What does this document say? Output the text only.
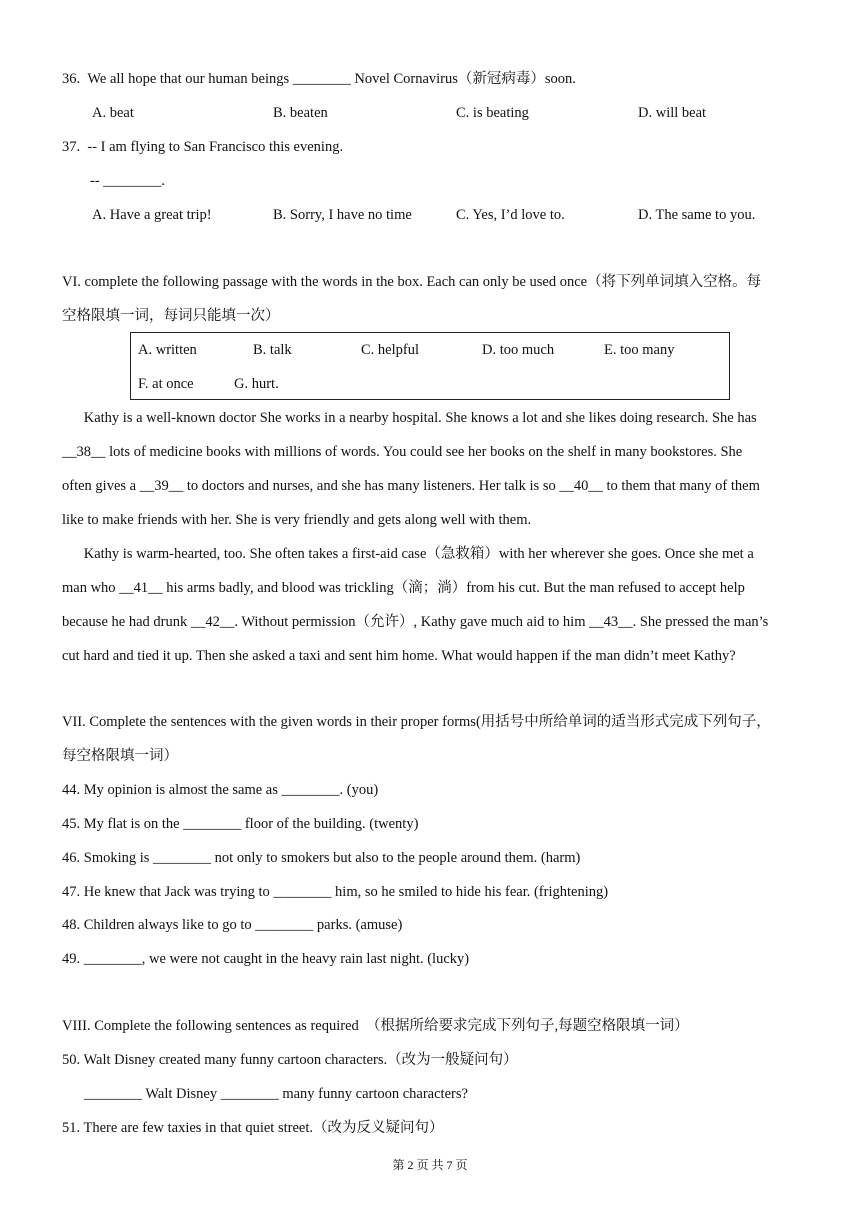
36.  We all hope that our human beings ________ Novel Cornavirus（新冠病毒）soon.
A. beat	B. beaten	C. is beating	D. will beat
37.  -- I am flying to San Francisco this evening.
-- ________.
A. Have a great trip!	B. Sorry, I have no time	C. Yes, I’d love to.	D. The same to you.
VI. complete the following passage with the words in the box. Each can only be used once（将下列单词填入空格。每
空格限填一词，每词只能填一次）
A. written	B. talk	C. helpful	D. too much	E. too many
F. at once	G. hurt.
Kathy is a well-known doctor She works in a nearby hospital. She knows a lot and she likes doing research. She has
__38__ lots of medicine books with millions of words. You could see her books on the shelf in many bookstores. She
often gives a __39__ to doctors and nurses, and she has many listeners. Her talk is so __40__ to them that many of them
like to make friends with her. She is very friendly and gets along well with them.
Kathy is warm-hearted, too. She often takes a first-aid case（急救箱）with her wherever she goes. Once she met a
man who __41__ his arms badly, and blood was trickling（滴；淌）from his cut. But the man refused to accept help
because he had drunk __42__. Without permission（允许）, Kathy gave much aid to him __43__. She pressed the man’s
cut hard and tied it up. Then she asked a taxi and sent him home. What would happen if the man didn’t meet Kathy?
VII. Complete the sentences with the given words in their proper forms(用括号中所给单词的适当形式完成下列句子，
每空格限填一词）
44. My opinion is almost the same as ________. (you)
45. My flat is on the ________ floor of the building. (twenty)
46. Smoking is ________ not only to smokers but also to the people around them. (harm)
47. He knew that Jack was trying to ________ him, so he smiled to hide his fear. (frightening)
48. Children always like to go to ________ parks. (amuse)
49. ________, we were not caught in the heavy rain last night. (lucky)
VIII. Complete the following sentences as required  （根据所给要求完成下列句子,每题空格限填一词）
50. Walt Disney created many funny cartoon characters.（改为一般疑问句）
________ Walt Disney ________ many funny cartoon characters?
51. There are few taxies in that quiet street.（改为反义疑问句）
第 2 页 共 7 页
